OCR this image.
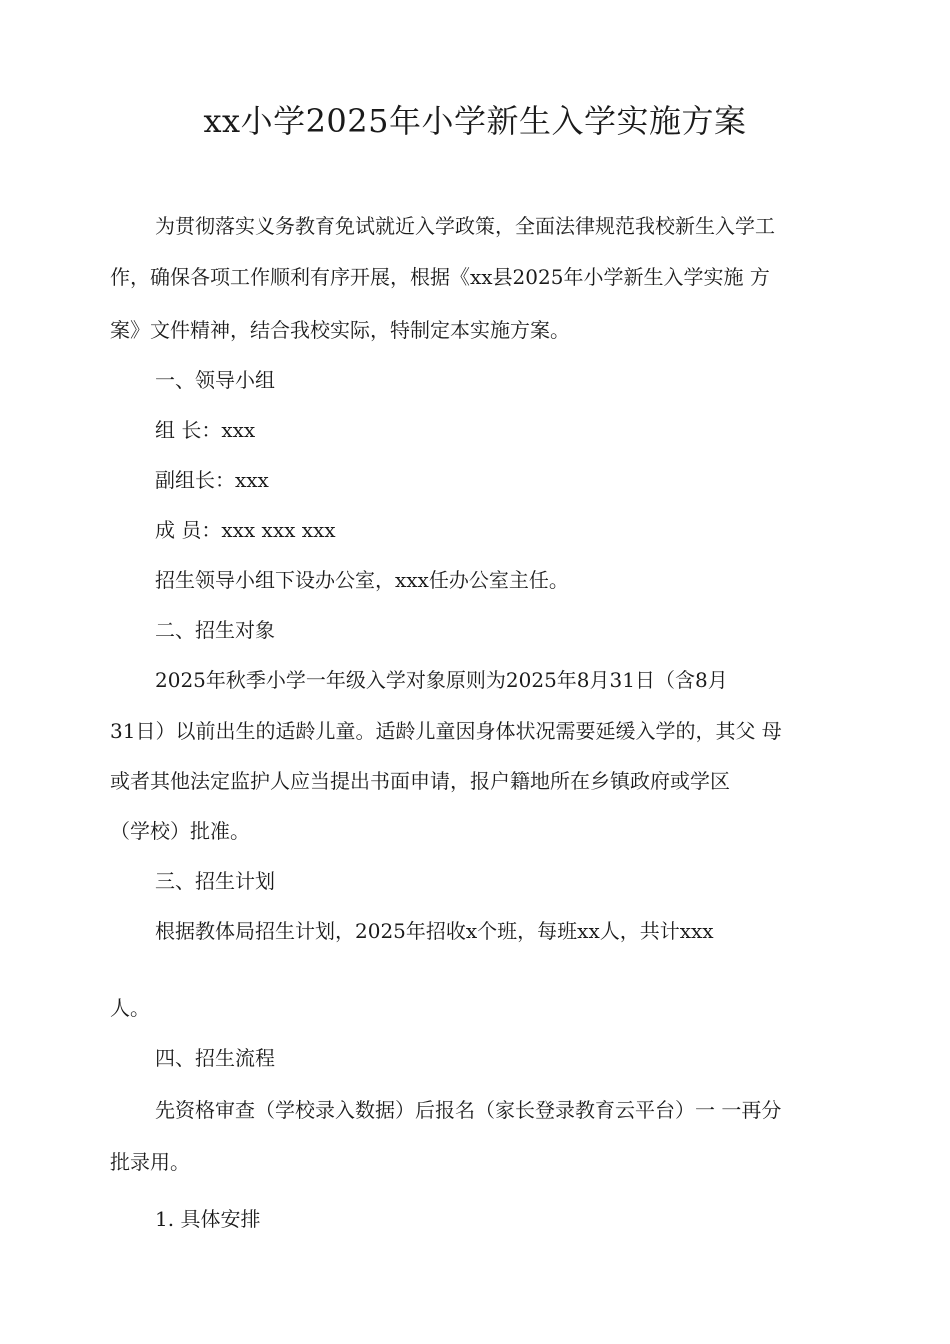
xx小学2025年小学新生入学实施方案

为贯彻落实义务教育免试就近入学政策，全面法律规范我校新生入学工

作，确保各项工作顺利有序开展，根据《xx县2025年小学新生入学实施 方

案》文件精神，结合我校实际，特制定本实施方案。

一、领导小组

组 长：xxx

副组长：xxx

成 员：xxx xxx xxx

招生领导小组下设办公室，xxx任办公室主任。

二、招生对象

2025年秋季小学一年级入学对象原则为2025年8月31日（含8月

31日）以前出生的适龄儿童。适龄儿童因身体状况需要延缓入学的，其父 母

或者其他法定监护人应当提出书面申请，报户籍地所在乡镇政府或学区

（学校）批准。

三、招生计划

根据教体局招生计划，2025年招收x个班，每班xx人，共计xxx

人。

四、招生流程

先资格审查（学校录入数据）后报名（家长登录教育云平台）一 一再分

批录用。

1. 具体安排
